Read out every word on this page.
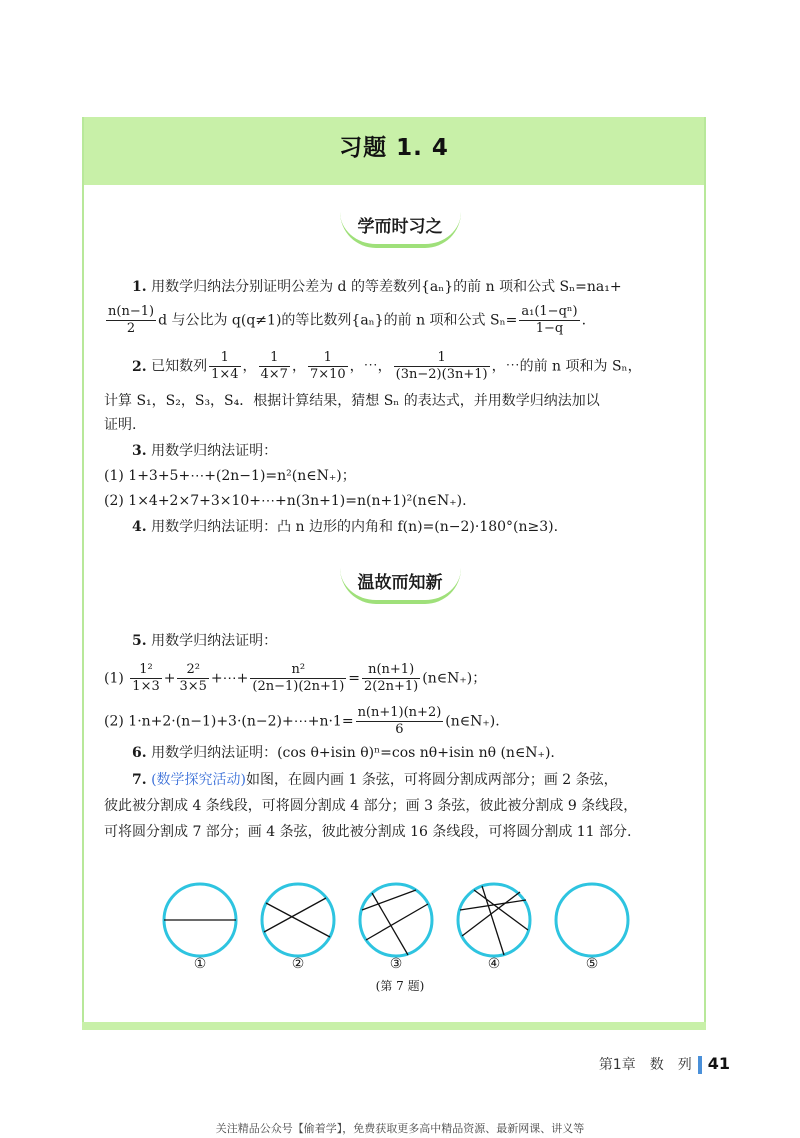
习题 1. 4
学而时习之
1. 用数学归纳法分别证明公差为 d 的等差数列{aₙ}的前 n 项和公式 Sₙ=na₁+
$\frac{n(n-1)}{2}$ d 与公比为 q(q≠1)的等比数列{aₙ}的前 n 项和公式 $S_n= \frac{\text{a₁(1−qⁿ)}}{1-q}$ .
2. 已知数列 $\frac{1}{1\times 4}$ ， $\frac{1}{4\times 7}$ ， $\frac{1}{7\times 10}$ ，⋯， $\frac{1}{(3n-2)(3n+1)}$ ，⋯的前 n 项和为 Sₙ，
计算 S₁，S₂，S₃，S₄．根据计算结果，猜想 Sₙ 的表达式，并用数学归纳法加以
证明.
3. 用数学归纳法证明：
(1) 1+3+5+⋯+(2n−1)=n²(n∈N₊)；
(2) 1×4+2×7+3×10+⋯+n(3n+1)=n(n+1)²(n∈N₊).
4. 用数学归纳法证明：凸 n 边形的内角和 f(n)=(n−2)·180°(n≥3).
温故而知新
5. 用数学归纳法证明：
$(1) \frac{\text{1²}}{1\times 3} + \frac{\text{2²}}{3\times 5}$ +⋯+ $\frac{\text{n²}}{(2n-1)(2n+1)} = \frac{n(n+1)}{2(2n+1)}$ (n∈N₊)；
(2) 1·n+2·(n−1)+3·(n−2)+⋯+n·1= $\frac{n(n+1)(n+2)}{6}$ (n∈N₊).
6. 用数学归纳法证明：(cos θ+isin θ)ⁿ=cos nθ+isin nθ (n∈N₊).
7. (数学探究活动)如图，在圆内画 1 条弦，可将圆分割成两部分；画 2 条弦，
彼此被分割成 4 条线段，可将圆分割成 4 部分；画 3 条弦，彼此被分割成 9 条线段，
可将圆分割成 7 部分；画 4 条弦，彼此被分割成 16 条线段，可将圆分割成 11 部分.
①	②	③	④	⑤
(第 7 题)
第1章　数　列 41
关注精品公众号【偷着学】，免费获取更多高中精品资源、最新网课、讲义等
